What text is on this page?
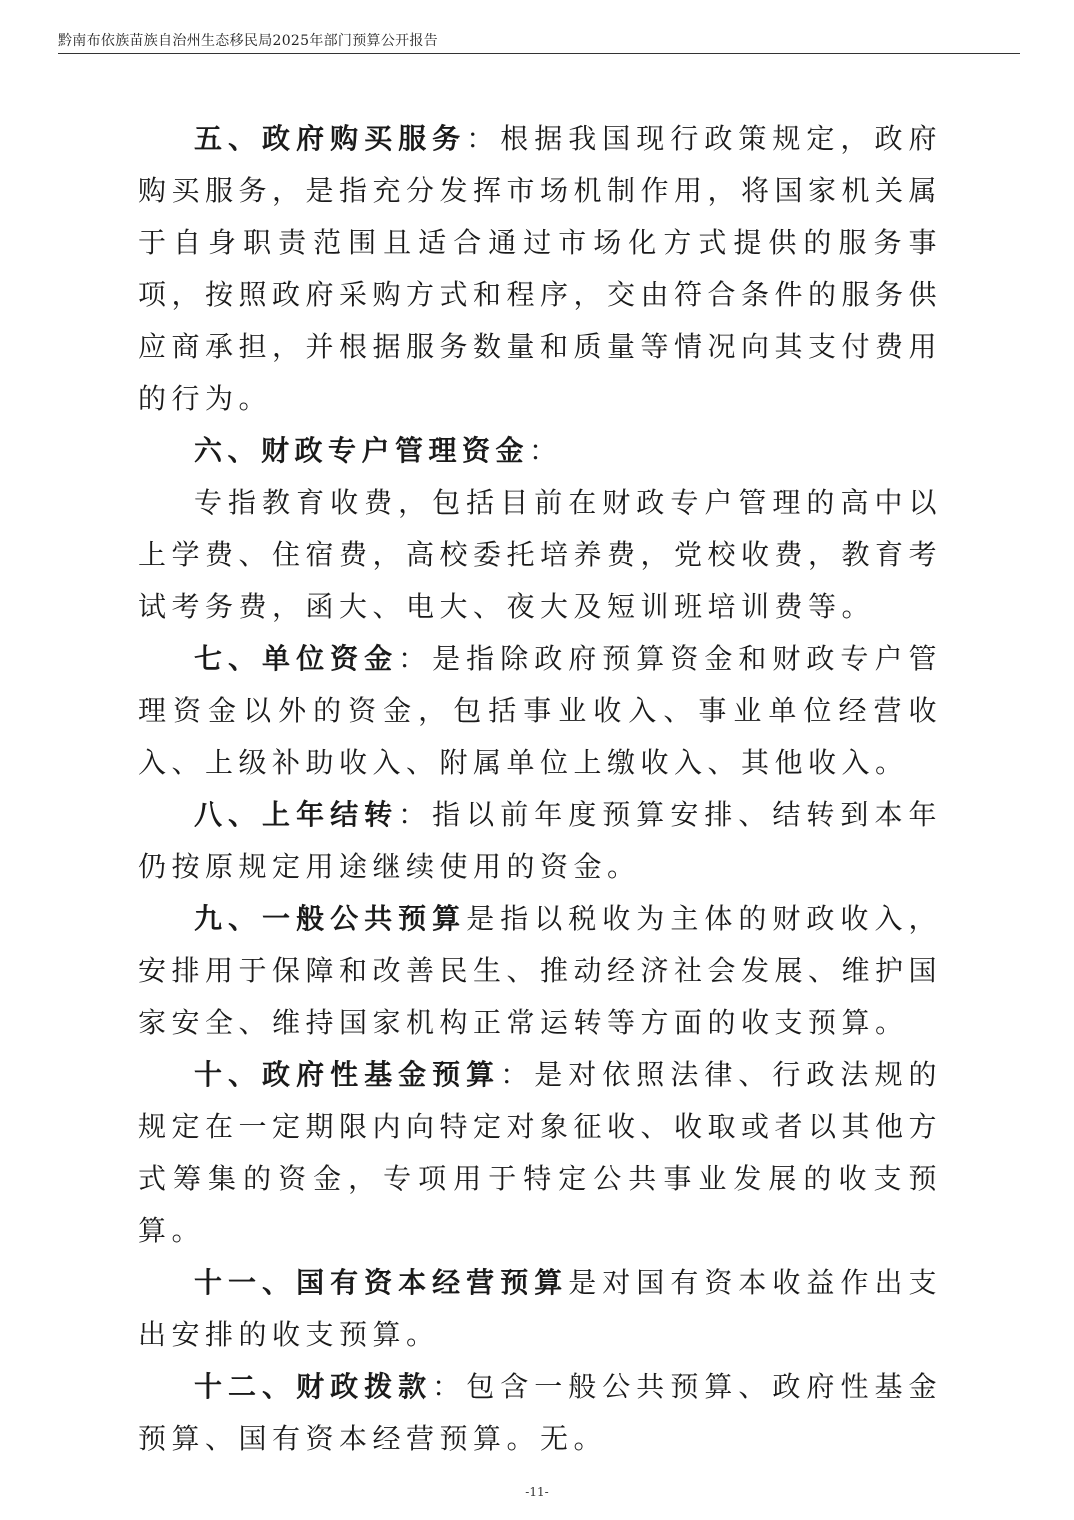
黔南布依族苗族自治州生态移民局2025年部门预算公开报告

五、政府购买服务：根据我国现行政策规定，政府购买服务，是指充分发挥市场机制作用，将国家机关属于自身职责范围且适合通过市场化方式提供的服务事项，按照政府采购方式和程序，交由符合条件的服务供应商承担，并根据服务数量和质量等情况向其支付费用的行为。

六、财政专户管理资金：

专指教育收费，包括目前在财政专户管理的高中以上学费、住宿费，高校委托培养费，党校收费，教育考试考务费，函大、电大、夜大及短训班培训费等。

七、单位资金：是指除政府预算资金和财政专户管理资金以外的资金，包括事业收入、事业单位经营收入、上级补助收入、附属单位上缴收入、其他收入。

八、上年结转：指以前年度预算安排、结转到本年仍按原规定用途继续使用的资金。

九、一般公共预算是指以税收为主体的财政收入，安排用于保障和改善民生、推动经济社会发展、维护国家安全、维持国家机构正常运转等方面的收支预算。

十、政府性基金预算：是对依照法律、行政法规的规定在一定期限内向特定对象征收、收取或者以其他方式筹集的资金，专项用于特定公共事业发展的收支预算。

十一、国有资本经营预算是对国有资本收益作出支出安排的收支预算。

十二、财政拨款：包含一般公共预算、政府性基金预算、国有资本经营预算。无。

-11-
